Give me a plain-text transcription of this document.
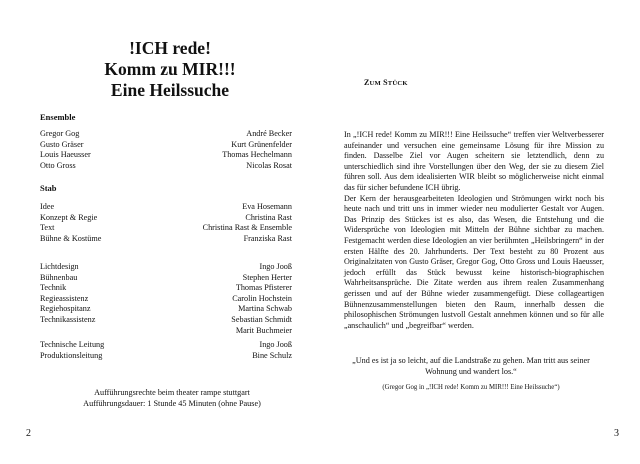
!ICH rede!
Komm zu MIR!!!
Eine Heilssuche
Ensemble
Gregor Gog	André Becker
Gusto Gräser	Kurt Grünenfelder
Louis Haeusser	Thomas Hechelmann
Otto Gross	Nicolas Rosat
Stab
Idee	Eva Hosemann
Konzept & Regie	Christina Rast
Text	Christina Rast & Ensemble
Bühne & Kostüme	Franziska Rast
Lichtdesign	Ingo Jooß
Bühnenbau	Stephen Herter
Technik	Thomas Pfisterer
Regieassistenz	Carolin Hochstein
Regiehospitanz	Martina Schwab
Technikassistenz	Sebastian Schmidt
Marit Buchmeier
Technische Leitung	Ingo Jooß
Produktionsleitung	Bine Schulz
Aufführungsrechte beim theater rampe stuttgart
Aufführungsdauer: 1 Stunde 45 Minuten (ohne Pause)
2
ZUM STÜCK

In „!ICH rede! Komm zu MIR!!! Eine Heilssuche“ treffen vier Weltverbesserer aufeinander und versuchen eine gemeinsame Lösung für ihre Mission zu finden. Dasselbe Ziel vor Augen scheitern sie letztendlich, denn zu unterschiedlich sind ihre Vorstellungen über den Weg, der sie zu diesem Ziel führen soll. Aus dem idealisierten WIR bleibt so möglicherweise nicht einmal das für sicher befundene ICH übrig.

Der Kern der herausgearbeiteten Ideologien und Strömungen wirkt noch bis heute nach und tritt uns in immer wieder neu modulierter Gestalt vor Augen. Das Prinzip des Stückes ist es also, das Wesen, die Entstehung und die Widersprüche von Ideologien mit Mitteln der Bühne sichtbar zu machen. Festgemacht werden diese Ideologien an vier berühmten „Heilsbringern“ in der ersten Hälfte des 20. Jahrhunderts. Der Text besteht zu 80 Prozent aus Originalzitaten von Gusto Gräser, Gregor Gog, Otto Gross und Louis Haeusser, jedoch erfüllt das Stück bewusst keine historisch-biographischen Wahrheitsansprüche. Die Zitate werden aus ihrem realen Zusammenhang gerissen und auf der Bühne wieder zusammengefügt. Diese collageartigen Bühnenzusammenstellungen bieten den Raum, innerhalb dessen die philosophischen Strömungen lustvoll Gestalt annehmen können und so für alle „anschaulich“ und „begreifbar“ werden.

„Und es ist ja so leicht, auf die Landstraße zu gehen. Man tritt aus seiner Wohnung und wandert los.“
(Gregor Gog in „!ICH rede! Komm zu MIR!!! Eine Heilssuche“)
3
